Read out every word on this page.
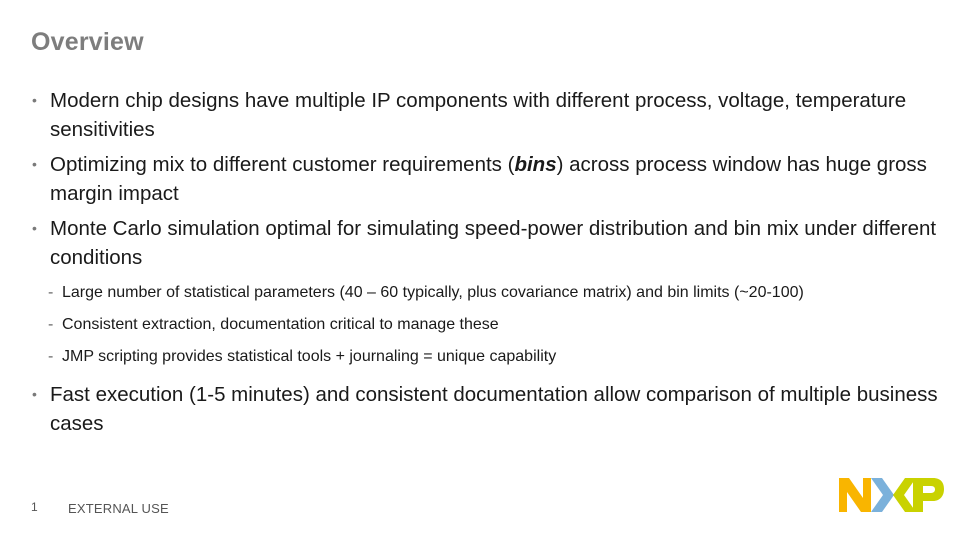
Overview
•
Modern chip designs have multiple IP components with different process, voltage, temperature sensitivities
•
Optimizing mix to different customer requirements (bins) across process window has huge gross margin impact
•
Monte Carlo simulation optimal for simulating speed-power distribution and bin mix under different conditions
-
Large number of statistical parameters (40 – 60 typically, plus covariance matrix) and bin limits (~20-100)
-
Consistent extraction, documentation critical to manage these
-
JMP scripting provides statistical tools + journaling = unique capability
•
Fast execution (1-5 minutes) and consistent documentation allow comparison of multiple business cases
1 EXTERNAL USE
